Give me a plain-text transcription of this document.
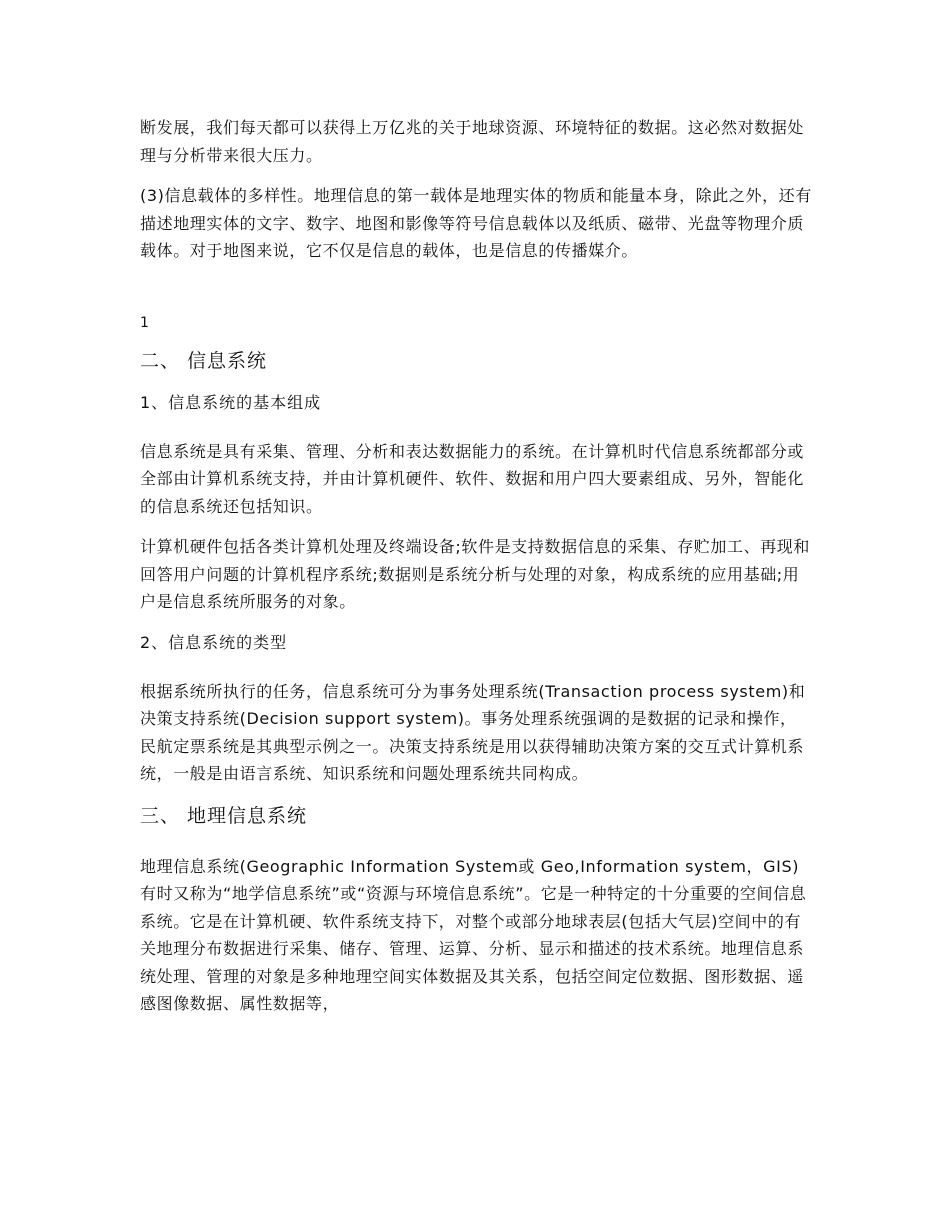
断发展，我们每天都可以获得上万亿兆的关于地球资源、环境特征的数据。这必然对数据处理与分析带来很大压力。

(3)信息载体的多样性。地理信息的第一载体是地理实体的物质和能量本身，除此之外，还有描述地理实体的文字、数字、地图和影像等符号信息载体以及纸质、磁带、光盘等物理介质载体。对于地图来说，它不仅是信息的载体，也是信息的传播媒介。

1

二、 信息系统
1、信息系统的基本组成

信息系统是具有采集、管理、分析和表达数据能力的系统。在计算机时代信息系统都部分或全部由计算机系统支持，并由计算机硬件、软件、数据和用户四大要素组成、另外，智能化的信息系统还包括知识。

计算机硬件包括各类计算机处理及终端设备;软件是支持数据信息的采集、存贮加工、再现和回答用户问题的计算机程序系统;数据则是系统分析与处理的对象，构成系统的应用基础;用户是信息系统所服务的对象。

2、信息系统的类型

根据系统所执行的任务，信息系统可分为事务处理系统(Transaction process system)和决策支持系统(Decision support system)。事务处理系统强调的是数据的记录和操作，民航定票系统是其典型示例之一。决策支持系统是用以获得辅助决策方案的交互式计算机系统，一般是由语言系统、知识系统和问题处理系统共同构成。

三、 地理信息系统

地理信息系统(Geographic Information System或 Geo,Information system，GIS)有时又称为“地学信息系统”或“资源与环境信息系统”。它是一种特定的十分重要的空间信息系统。它是在计算机硬、软件系统支持下，对整个或部分地球表层(包括大气层)空间中的有关地理分布数据进行采集、储存、管理、运算、分析、显示和描述的技术系统。地理信息系统处理、管理的对象是多种地理空间实体数据及其关系，包括空间定位数据、图形数据、遥感图像数据、属性数据等，
